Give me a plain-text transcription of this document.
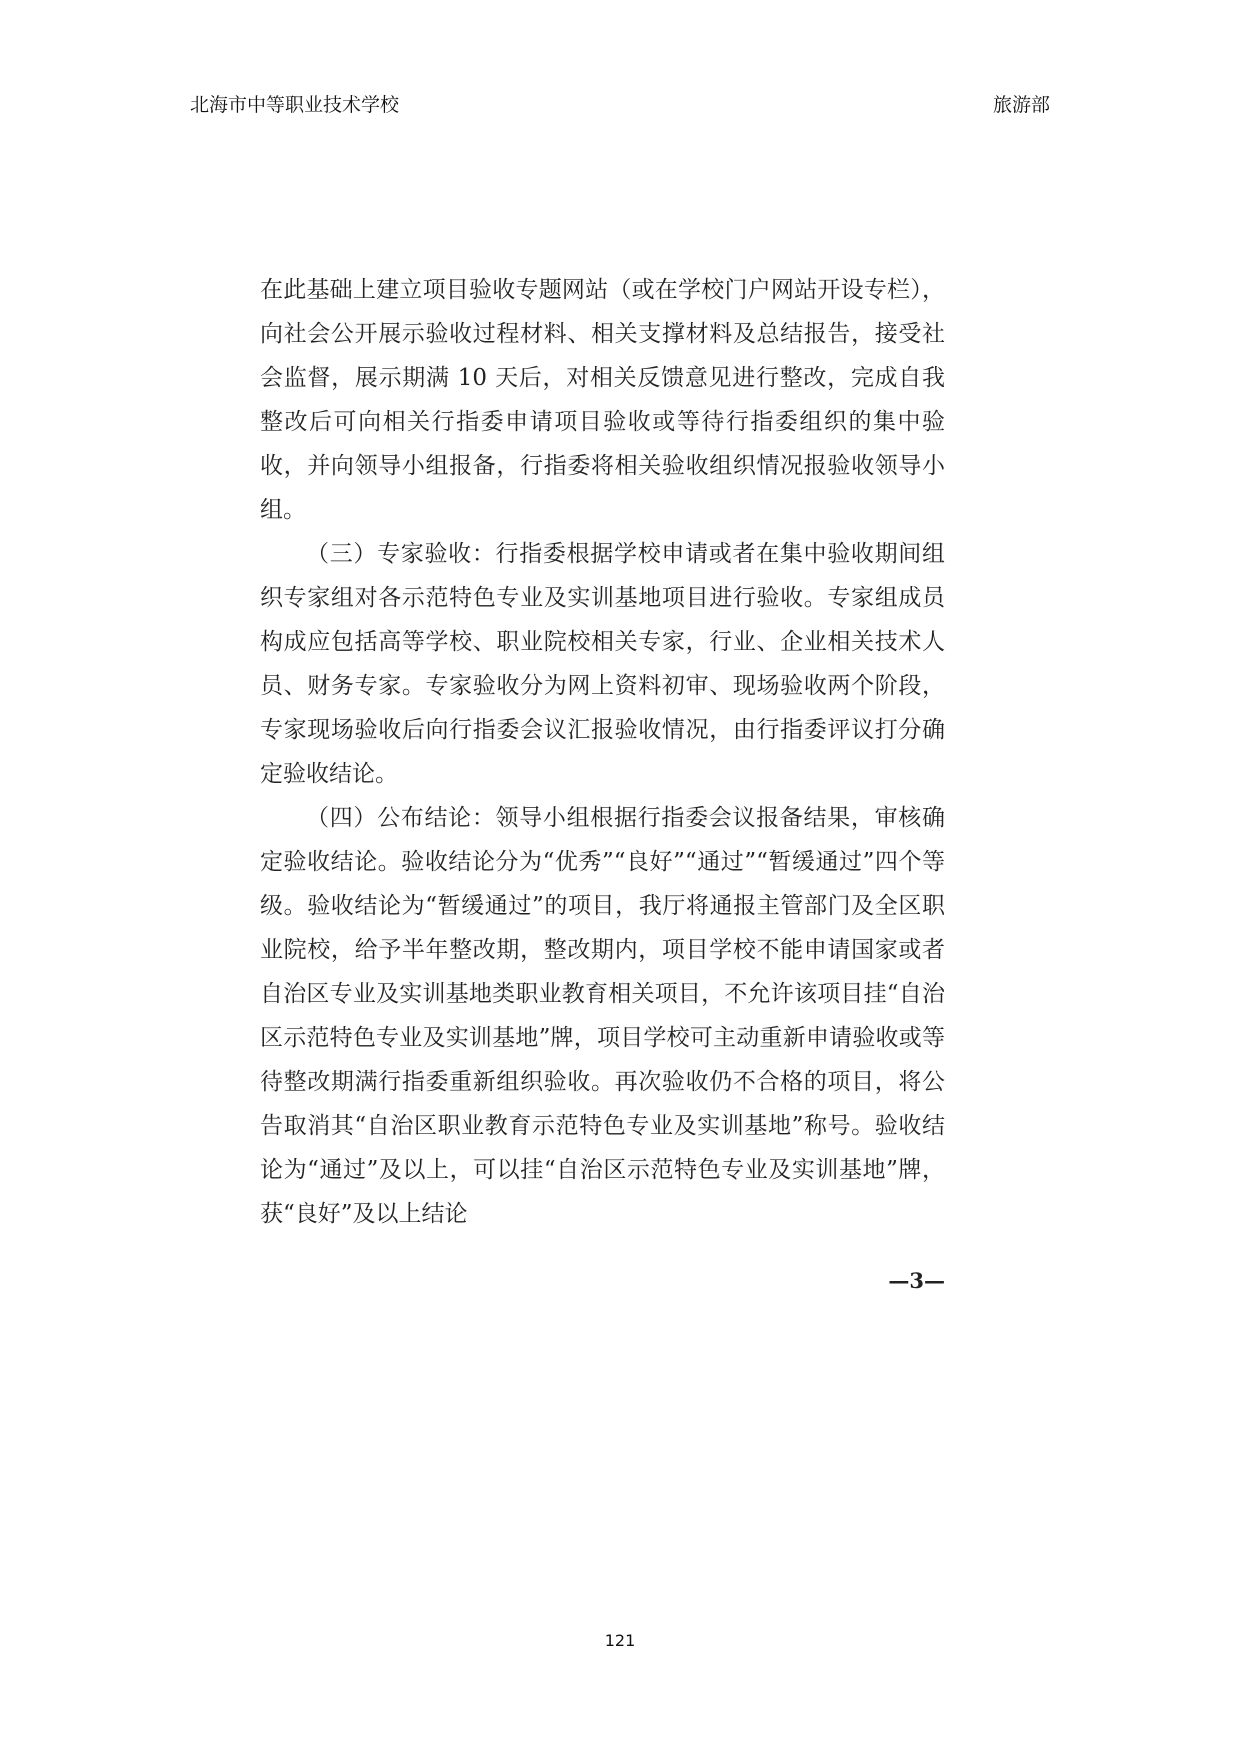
北海市中等职业技术学校	旅游部

在此基础上建立项目验收专题网站（或在学校门户网站开设专栏），向社会公开展示验收过程材料、相关支撑材料及总结报告，接受社会监督，展示期满 10 天后，对相关反馈意见进行整改，完成自我整改后可向相关行指委申请项目验收或等待行指委组织的集中验收，并向领导小组报备，行指委将相关验收组织情况报验收领导小组。

（三）专家验收：行指委根据学校申请或者在集中验收期间组织专家组对各示范特色专业及实训基地项目进行验收。专家组成员构成应包括高等学校、职业院校相关专家，行业、企业相关技术人员、财务专家。专家验收分为网上资料初审、现场验收两个阶段，专家现场验收后向行指委会议汇报验收情况，由行指委评议打分确定验收结论。

（四）公布结论：领导小组根据行指委会议报备结果，审核确定验收结论。验收结论分为“优秀”“良好”“通过”“暂缓通过”四个等级。验收结论为“暂缓通过”的项目，我厅将通报主管部门及全区职业院校，给予半年整改期，整改期内，项目学校不能申请国家或者自治区专业及实训基地类职业教育相关项目，不允许该项目挂“自治区示范特色专业及实训基地”牌，项目学校可主动重新申请验收或等待整改期满行指委重新组织验收。再次验收仍不合格的项目，将公告取消其“自治区职业教育示范特色专业及实训基地”称号。验收结论为“通过”及以上，可以挂“自治区示范特色专业及实训基地”牌，获“良好”及以上结论

—3—
121
